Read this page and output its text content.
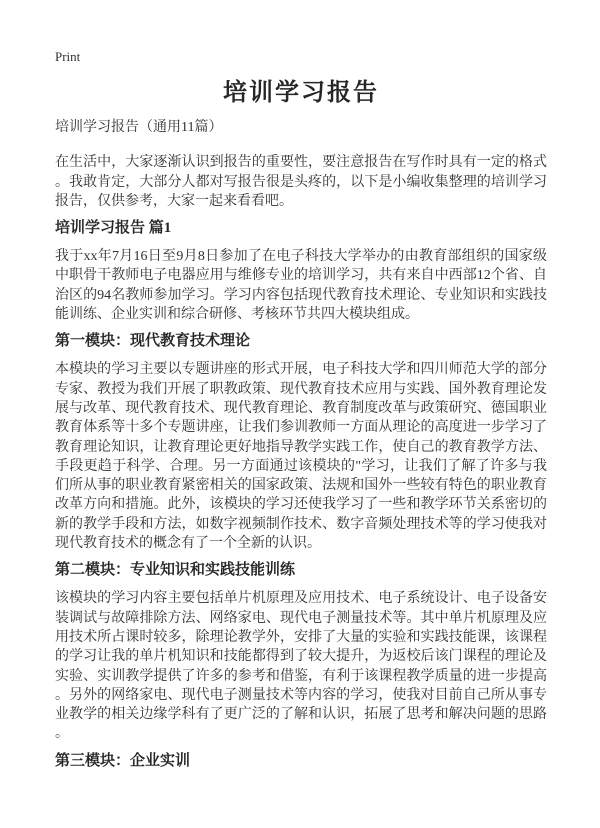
Print
培训学习报告

培训学习报告（通用11篇）

在生活中，大家逐渐认识到报告的重要性，要注意报告在写作时具有一定的格式。我敢肯定，大部分人都对写报告很是头疼的，以下是小编收集整理的培训学习报告，仅供参考，大家一起来看看吧。

培训学习报告 篇1

我于xx年7月16日至9月8日参加了在电子科技大学举办的由教育部组织的国家级中职骨干教师电子电器应用与维修专业的培训学习，共有来自中西部12个省、自治区的94名教师参加学习。学习内容包括现代教育技术理论、专业知识和实践技能训练、企业实训和综合研修、考核环节共四大模块组成。

第一模块：现代教育技术理论

本模块的学习主要以专题讲座的形式开展，电子科技大学和四川师范大学的部分专家、教授为我们开展了职教政策、现代教育技术应用与实践、国外教育理论发展与改革、现代教育技术、现代教育理论、教育制度改革与政策研究、德国职业教育体系等十多个专题讲座，让我们参训教师一方面从理论的高度进一步学习了教育理论知识，让教育理论更好地指导教学实践工作，使自己的教育教学方法、手段更趋于科学、合理。另一方面通过该模块的"学习，让我们了解了许多与我们所从事的职业教育紧密相关的国家政策、法规和国外一些较有特色的职业教育改革方向和措施。此外，该模块的学习还使我学习了一些和教学环节关系密切的新的教学手段和方法，如数字视频制作技术、数字音频处理技术等的学习使我对现代教育技术的概念有了一个全新的认识。

第二模块：专业知识和实践技能训练

该模块的学习内容主要包括单片机原理及应用技术、电子系统设计、电子设备安装调试与故障排除方法、网络家电、现代电子测量技术等。其中单片机原理及应用技术所占课时较多，除理论教学外，安排了大量的实验和实践技能课，该课程的学习让我的单片机知识和技能都得到了较大提升，为返校后该门课程的理论及实验、实训教学提供了许多的参考和借鉴，有利于该课程教学质量的进一步提高。另外的网络家电、现代电子测量技术等内容的学习，使我对目前自己所从事专业教学的相关边缘学科有了更广泛的了解和认识，拓展了思考和解决问题的思路。

第三模块：企业实训
